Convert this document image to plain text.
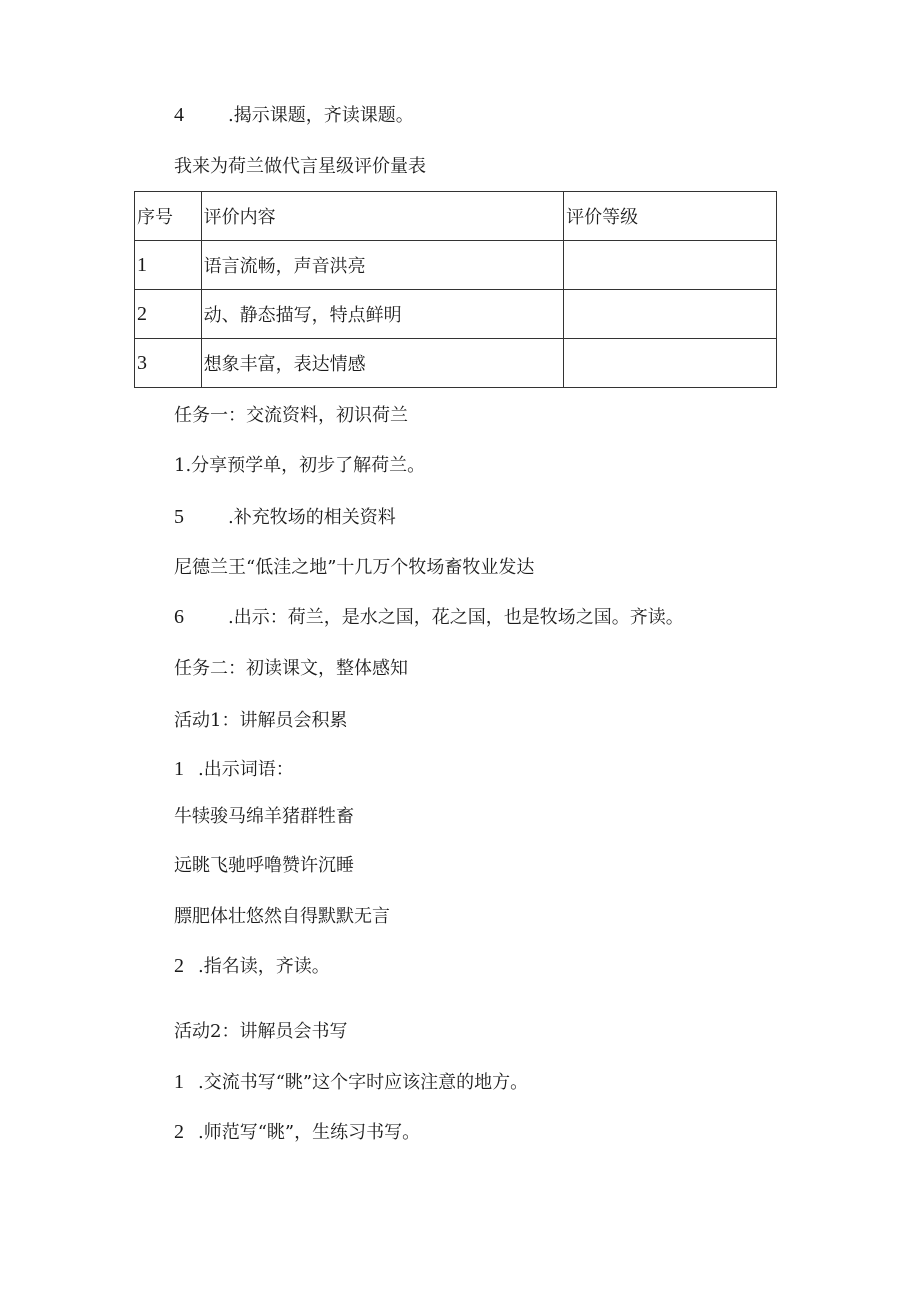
4 .揭示课题，齐读课题。
我来为荷兰做代言星级评价量表
序号	评价内容	评价等级
1	语言流畅，声音洪亮	
2	动、静态描写，特点鲜明	
3	想象丰富，表达情感	
任务一：交流资料，初识荷兰
1.分享预学单，初步了解荷兰。
5 .补充牧场的相关资料
尼德兰王“低洼之地”十几万个牧场畜牧业发达
6 .出示：荷兰，是水之国，花之国，也是牧场之国。齐读。
任务二：初读课文，整体感知
活动1：讲解员会积累
1 .出示词语：
牛犊骏马绵羊猪群牲畜
远眺飞驰呼噜赞许沉睡
膘肥体壮悠然自得默默无言
2 .指名读，齐读。
活动2：讲解员会书写
1 .交流书写“眺”这个字时应该注意的地方。
2 .师范写“眺”，生练习书写。
